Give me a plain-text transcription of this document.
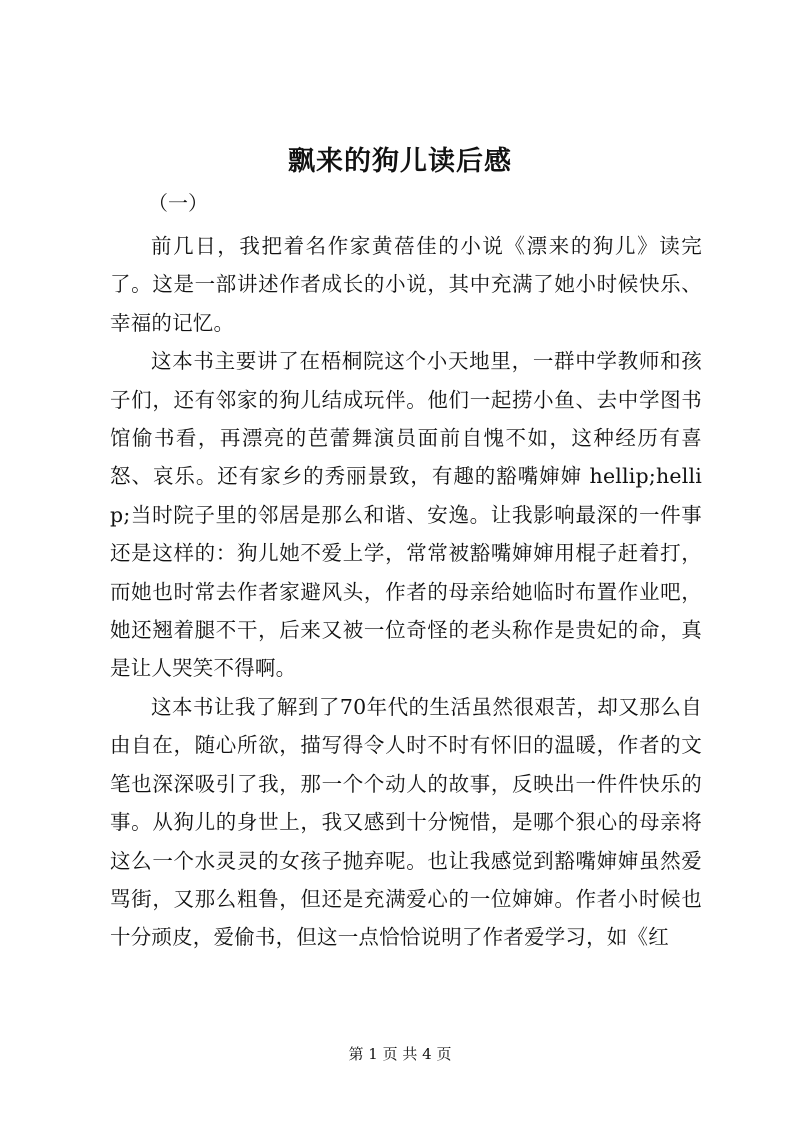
飘来的狗儿读后感
（一）

前几日，我把着名作家黄蓓佳的小说《漂来的狗儿》读完了。这是一部讲述作者成长的小说，其中充满了她小时候快乐、幸福的记忆。

这本书主要讲了在梧桐院这个小天地里，一群中学教师和孩子们，还有邻家的狗儿结成玩伴。他们一起捞小鱼、去中学图书馆偷书看，再漂亮的芭蕾舞演员面前自愧不如，这种经历有喜怒、哀乐。还有家乡的秀丽景致，有趣的豁嘴婶婶 hellip;hellip;当时院子里的邻居是那么和谐、安逸。让我影响最深的一件事还是这样的：狗儿她不爱上学，常常被豁嘴婶婶用棍子赶着打，而她也时常去作者家避风头，作者的母亲给她临时布置作业吧，她还翘着腿不干，后来又被一位奇怪的老头称作是贵妃的命，真是让人哭笑不得啊。

这本书让我了解到了70年代的生活虽然很艰苦，却又那么自由自在，随心所欲，描写得令人时不时有怀旧的温暖，作者的文笔也深深吸引了我，那一个个动人的故事，反映出一件件快乐的事。从狗儿的身世上，我又感到十分惋惜，是哪个狠心的母亲将这么一个水灵灵的女孩子抛弃呢。也让我感觉到豁嘴婶婶虽然爱骂街，又那么粗鲁，但还是充满爱心的一位婶婶。作者小时候也十分顽皮，爱偷书，但这一点恰恰说明了作者爱学习，如《红

第 1 页 共 4 页
